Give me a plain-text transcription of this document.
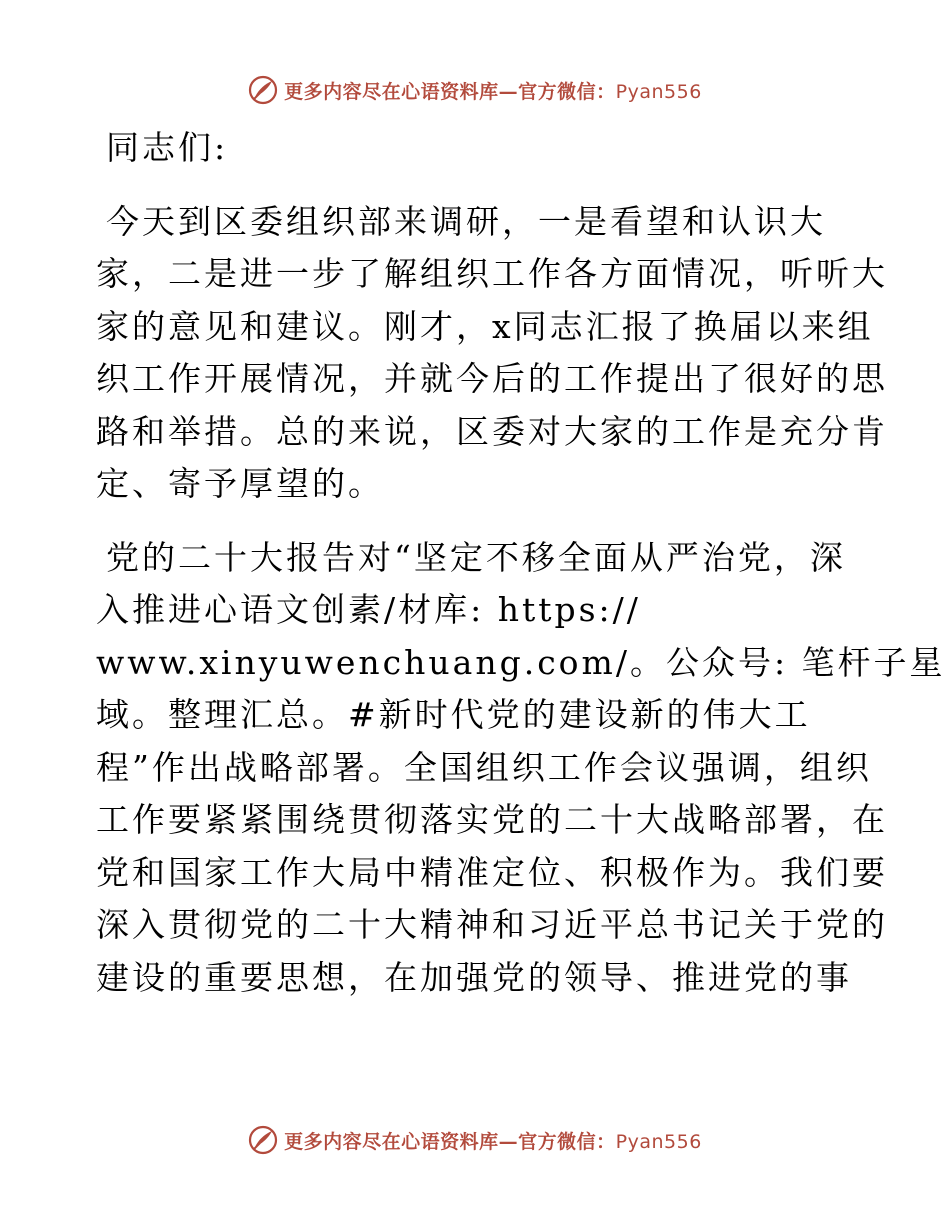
更多内容尽在心语资料库—官方微信：Pyan556

同志们:

今天到区委组织部来调研，一是看望和认识大
家，二是进一步了解组织工作各方面情况，听听大
家的意见和建议。刚才，x同志汇报了换届以来组
织工作开展情况，并就今后的工作提出了很好的思
路和举措。总的来说，区委对大家的工作是充分肯
定、寄予厚望的。

党的二十大报告对“坚定不移全面从严治党，深
入推进心语文创素/材库: https://
www.xinyuwenchuang.com/。公众号: 笔杆子星
域。整理汇总。#新时代党的建设新的伟大工
程”作出战略部署。全国组织工作会议强调，组织
工作要紧紧围绕贯彻落实党的二十大战略部署，在
党和国家工作大局中精准定位、积极作为。我们要
深入贯彻党的二十大精神和习近平总书记关于党的
建设的重要思想，在加强党的领导、推进党的事

更多内容尽在心语资料库—官方微信：Pyan556
